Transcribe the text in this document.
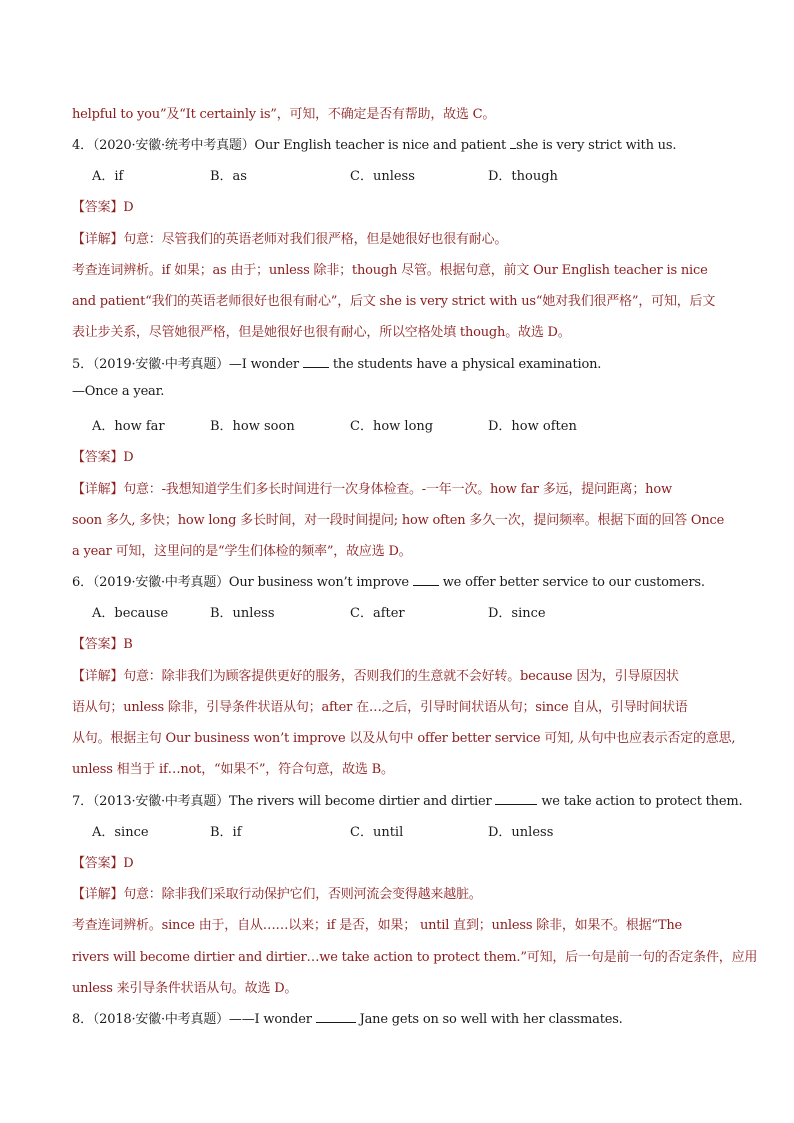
helpful to you”及“It certainly is”，可知，不确定是否有帮助，故选 C。
4．（2020·安徽·统考中考真题）Our English teacher is nice and patient she is very strict with us.
A．if	B．as	C．unless	D．though
【答案】D
【详解】句意：尽管我们的英语老师对我们很严格，但是她很好也很有耐心。
考查连词辨析。if 如果；as 由于；unless 除非；though 尽管。根据句意，前文 Our English teacher is nice
and patient“我们的英语老师很好也很有耐心”，后文 she is very strict with us“她对我们很严格”，可知，后文
表让步关系，尽管她很严格，但是她很好也很有耐心，所以空格处填 though。故选 D。
5．（2019·安徽·中考真题）—I wonder  the students have a physical examination.
—Once a year.
A．how far	B．how soon	C．how long	D．how often
【答案】D
【详解】句意：-我想知道学生们多长时间进行一次身体检查。-一年一次。how far 多远，提问距离；how
soon 多久, 多快；how long 多长时间，对一段时间提问; how often 多久一次，提问频率。根据下面的回答 Once
a year 可知，这里问的是“学生们体检的频率”，故应选 D。
6．（2019·安徽·中考真题）Our business won’t improve  we offer better service to our customers.
A．because	B．unless	C．after	D．since
【答案】B
【详解】句意：除非我们为顾客提供更好的服务，否则我们的生意就不会好转。because 因为，引导原因状
语从句；unless 除非，引导条件状语从句；after 在…之后，引导时间状语从句；since 自从，引导时间状语
从句。根据主句 Our business won’t improve 以及从句中 offer better service 可知, 从句中也应表示否定的意思,
unless 相当于 if…not，“如果不”，符合句意，故选 B。
7．（2013·安徽·中考真题）The rivers will become dirtier and dirtier	we take action to protect them.
A．since	B．if	C．until	D．unless
【答案】D
【详解】句意：除非我们采取行动保护它们，否则河流会变得越来越脏。
考查连词辨析。since 由于，自从……以来；if 是否，如果； until 直到；unless 除非，如果不。根据“The
rivers will become dirtier and dirtier…we take action to protect them.”可知，后一句是前一句的否定条件，应用
unless 来引导条件状语从句。故选 D。
8．（2018·安徽·中考真题）——I wonder	Jane gets on so well with her classmates.
